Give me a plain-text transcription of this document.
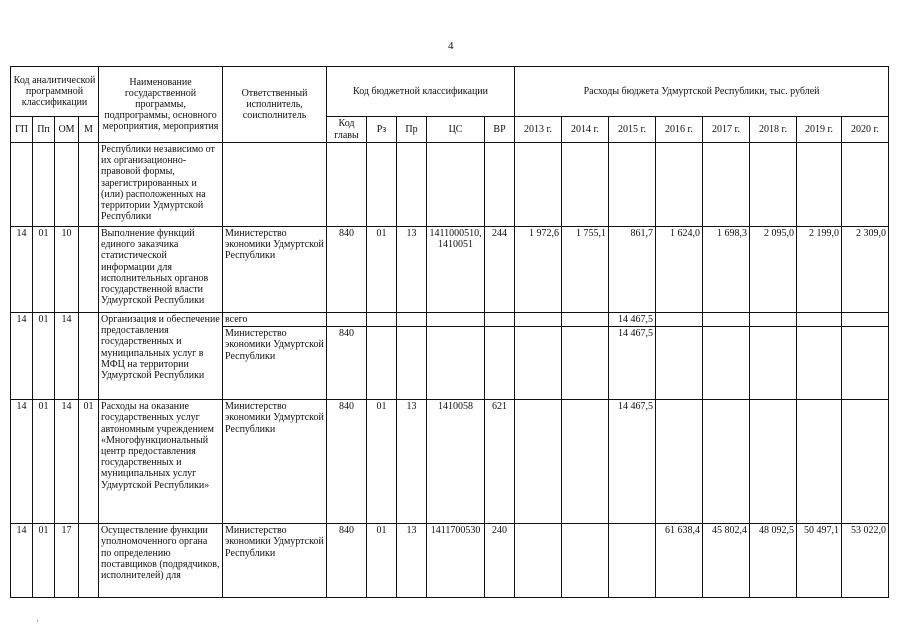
4
Код аналитической программной классификации				Наименование государственной программы, подпрограммы, основного мероприятия, мероприятия	Ответственный исполнитель, соисполнитель	Код бюджетной классификации					Расходы бюджета Удмуртской Республики, тыс. рублей							
ГП	Пп	ОМ	М			Код главы	Рз	Пр	ЦС	ВР	2013 г.	2014 г.	2015 г.	2016 г.	2017 г.	2018 г.	2019 г.	2020 г.
				Республики независимо от их организационно-правовой формы, зарегистрированных и (или) расположенных на территории Удмуртской Республики														
14	01	10		Выполнение функций единого заказчика статистической информации для исполнительных органов государственной власти Удмуртской Республики	Министерство экономики Удмуртской Республики	840	01	13	1411000510, 1410051	244	1 972,6	1 755,1	861,7	1 624,0	1 698,3	2 095,0	2 199,0	2 309,0
14	01	14		Организация и обеспечение предоставления государственных и муниципальных услуг в МФЦ на территории Удмуртской Республики	всего								14 467,5					
					Министерство экономики Удмуртской Республики	840							14 467,5					
14	01	14	01	Расходы на оказание государственных услуг автономным учреждением «Многофункциональный центр предоставления государственных и муниципальных услуг Удмуртской Республики»	Министерство экономики Удмуртской Республики	840	01	13	1410058	621			14 467,5					
14	01	17		Осуществление функции уполномоченного органа по определению поставщиков (подрядчиков, исполнителей) для	Министерство экономики Удмуртской Республики	840	01	13	1411700530	240				61 638,4	45 802,4	48 092,5	50 497,1	53 022,0
·
